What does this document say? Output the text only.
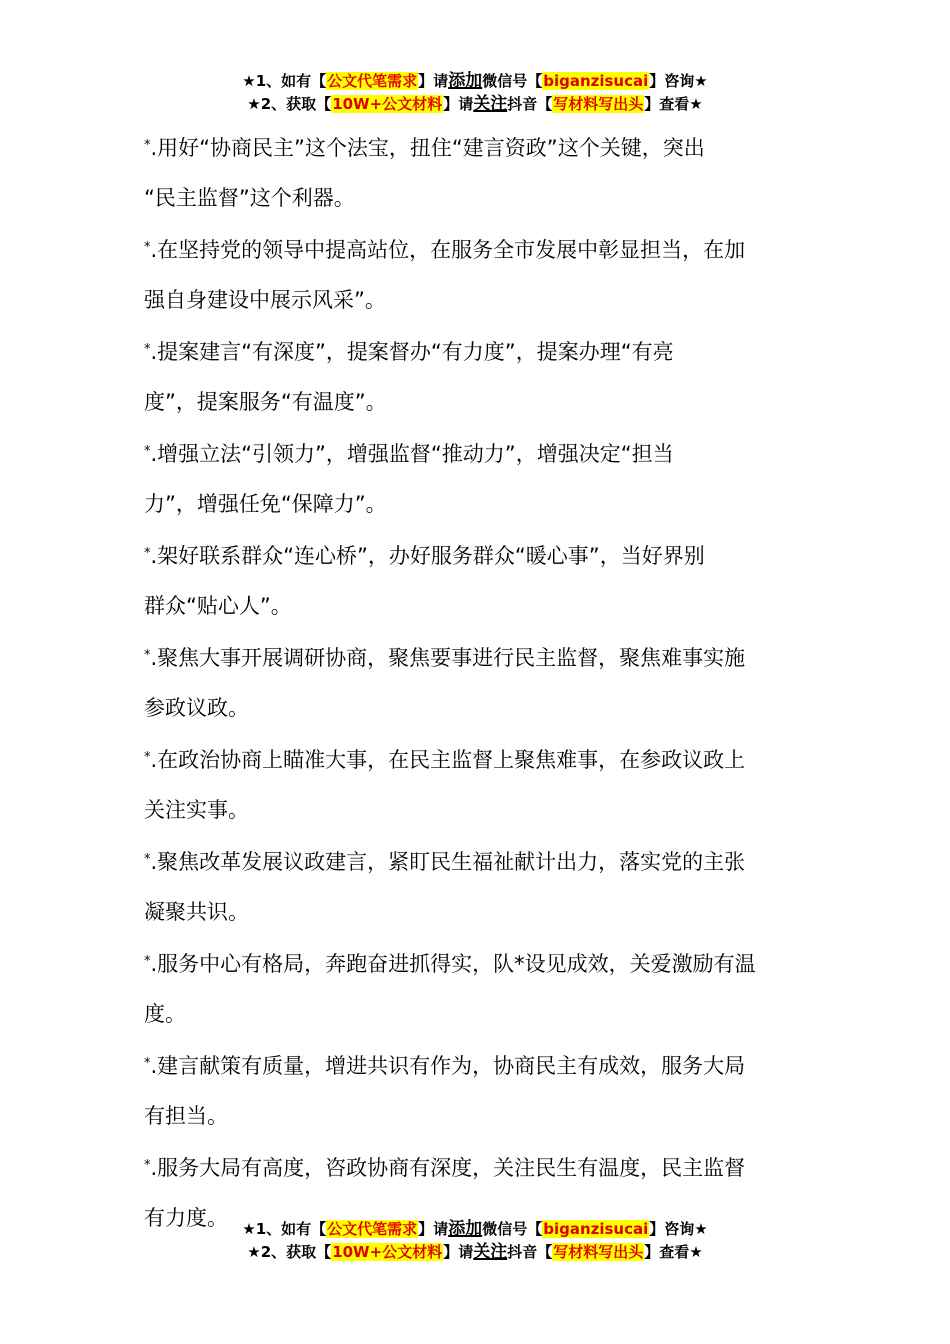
★1、如有【公文代笔需求】请添加微信号【biganzisucai】咨询★
★2、获取【10W+公文材料】请关注抖音【写材料写出头】查看★
*.用好“协商民主”这个法宝，扭住“建言资政”这个关键，突出
“民主监督”这个利器。
*.在坚持党的领导中提高站位，在服务全市发展中彰显担当，在加
强自身建设中展示风采”。
*.提案建言“有深度”，提案督办“有力度”，提案办理“有亮
度”，提案服务“有温度”。
*.增强立法“引领力”，增强监督“推动力”，增强决定“担当
力”，增强任免“保障力”。
*.架好联系群众“连心桥”，办好服务群众“暖心事”，当好界别
群众“贴心人”。
*.聚焦大事开展调研协商，聚焦要事进行民主监督，聚焦难事实施
参政议政。
*.在政治协商上瞄准大事，在民主监督上聚焦难事，在参政议政上
关注实事。
*.聚焦改革发展议政建言，紧盯民生福祉献计出力，落实党的主张
凝聚共识。
*.服务中心有格局，奔跑奋进抓得实，队*设见成效，关爱激励有温
度。
*.建言献策有质量，增进共识有作为，协商民主有成效，服务大局
有担当。
*.服务大局有高度，咨政协商有深度，关注民生有温度，民主监督
有力度。 ★1、如有【公文代笔需求】请添加微信号【biganzisucai】咨询★
★2、获取【10W+公文材料】请关注抖音【写材料写出头】查看★
